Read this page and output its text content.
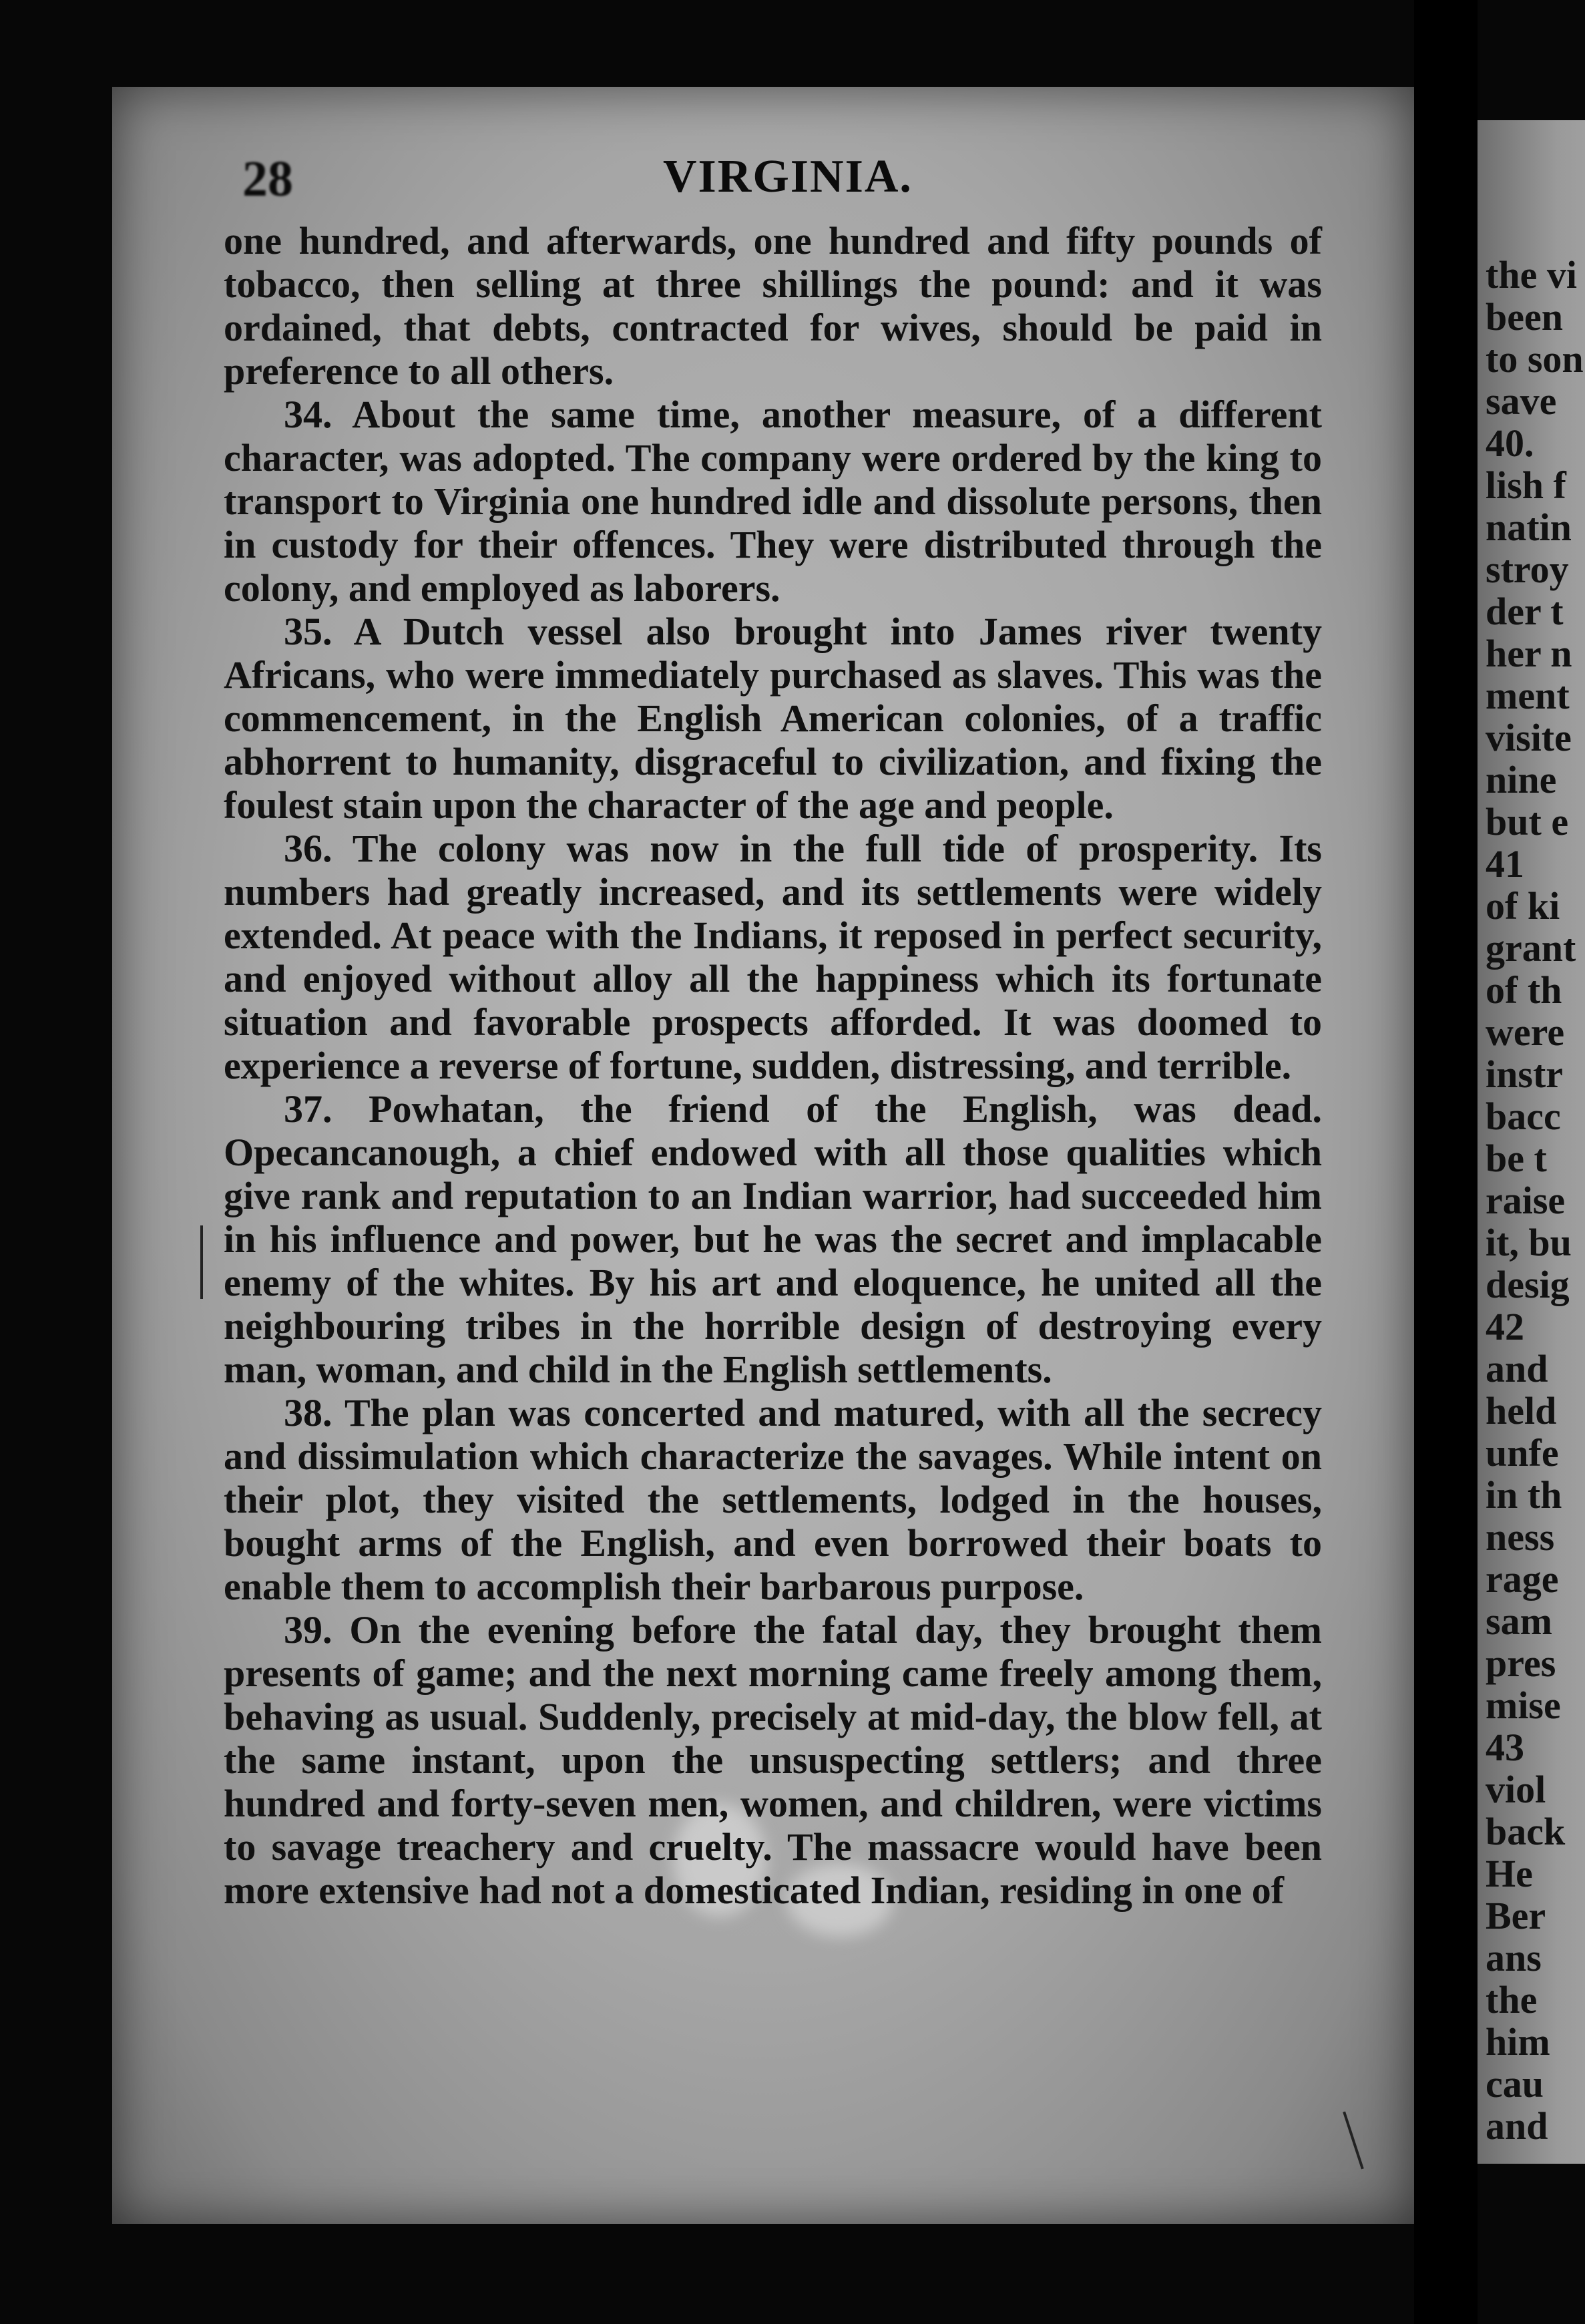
28	VIRGINIA.

one hundred, and afterwards, one hundred and fifty pounds of tobacco, then selling at three shillings the pound: and it was ordained, that debts, contracted for wives, should be paid in preference to all others.

34. About the same time, another measure, of a different character, was adopted. The company were ordered by the king to transport to Virginia one hundred idle and dissolute persons, then in custody for their offences. They were distributed through the colony, and employed as laborers.

35. A Dutch vessel also brought into James river twenty Africans, who were immediately purchased as slaves. This was the commencement, in the English American colonies, of a traffic abhorrent to humanity, disgraceful to civilization, and fixing the foulest stain upon the character of the age and people.

36. The colony was now in the full tide of prosperity. Its numbers had greatly increased, and its settlements were widely extended. At peace with the Indians, it reposed in perfect security, and enjoyed without alloy all the happiness which its fortunate situation and favorable prospects afforded. It was doomed to experience a reverse of fortune, sudden, distressing, and terrible.

37. Powhatan, the friend of the English, was dead. Opecancanough, a chief endowed with all those qualities which give rank and reputation to an Indian warrior, had succeeded him in his influence and power, but he was the secret and implacable enemy of the whites. By his art and eloquence, he united all the neighbouring tribes in the horrible design of destroying every man, woman, and child in the English settlements.

38. The plan was concerted and matured, with all the secrecy and dissimulation which characterize the savages. While intent on their plot, they visited the settlements, lodged in the houses, bought arms of the English, and even borrowed their boats to enable them to accomplish their barbarous purpose.

39. On the evening before the fatal day, they brought them presents of game; and the next morning came freely among them, behaving as usual. Suddenly, precisely at mid-day, the blow fell, at the same instant, upon the unsuspecting settlers; and three hundred and forty-seven men, women, and children, were victims to savage treachery and cruelty. The massacre would have been more extensive had not a domesticated Indian, residing in one of

the vi
been
to son
save
40.
lish f
natin
stroy
der t
her n
ment
visite
nine
but e
41
of ki
grant
of th
were
instr
bacc
be t
raise
it, bu
desig
42
and
held
unfe
in th
ness
rage
sam
pres
mise
43
viol
back
He
Ber
ans
the
him
cau
and
